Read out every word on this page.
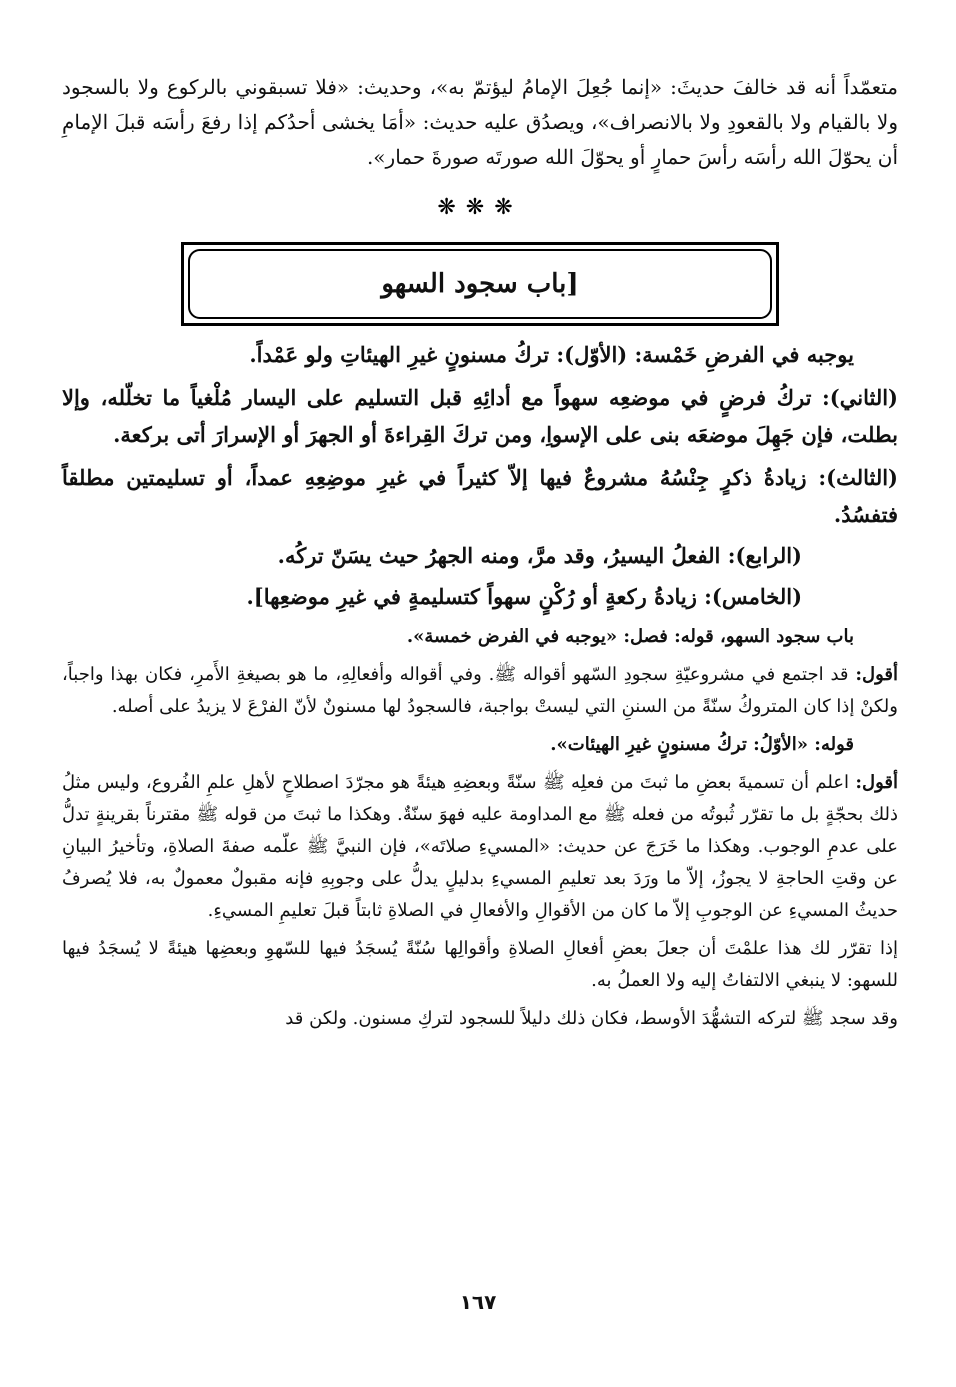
متعمّداً أنه قد خالفَ حديثَ: «إنما جُعِلَ الإمامُ ليؤتمّ به»، وحديث: «فلا تسبقوني بالركوع ولا بالسجود ولا بالقيام ولا بالقعودِ ولا بالانصراف»، ويصدُق عليه حديث: «أمَا يخشى أحدُكم إذا رفعَ رأسَه قبلَ الإمامِ أن يحوّلَ الله رأسَه رأسَ حمارٍ أو يحوّلَ الله صورتَه صورةَ حمار».

❋❋❋
[باب سجود السهو

يوجبه في الفرضِ خَمْسة: (الأوّل): تركُ مسنونٍ غيرِ الهيئاتِ ولو عَمْداً.

(الثاني): تركُ فرضٍ في موضعِه سهواً مع أدائِهِ قبل التسليم على اليسار مُلْغياً ما تخلّله، وإلا بطلت، فإن جَهِلَ موضعَه بنى على الإسواِ، ومن تركَ القِراءةَ أو الجهرَ أو الإسرارَ أتى بركعة.

(الثالث): زيادةُ ذكرٍ جِنْسُهُ مشروعٌ فيها إلاّ كثيراً في غيرِ موضِعِهِ عمداً، أو تسليمتين مطلقاً فتفسُدُ.

(الرابع): الفعلُ اليسيرُ، وقد مرَّ، ومنه الجهرُ حيث يسَنّ تركُه.

(الخامس): زيادةُ ركعةٍ أو رُكْنٍ سهواً كتسليمةٍ في غيرِ موضعِها].

باب سجود السهو، قوله: فصل: «يوجبه في الفرض خمسة».

أقول: قد اجتمع في مشروعيّةِ سجودِ السّهو أقواله ﷺ. وفي أقواله وأفعالِهِ، ما هو بصيغةِ الأَمرِ، فكان بهذا واجباً، ولكنْ إذا كان المتروكُ سنّةً من السننِ التي ليستْ بواجبة، فالسجودُ لها مسنونٌ لأنّ الفرْعَ لا يزيدُ على أصله.

قوله: «الأوّلُ: تركُ مسنونٍ غيرِ الهيئات».

أقول: اعلم أن تسميةَ بعضِ ما ثبتَ من فعلِه ﷺ سنّةً وبعضِهِ هيئةً هو مجرّدَ اصطلاحٍ لأهلِ علمِ الفُروع، وليس مثلُ ذلك بحجّةٍ بل ما تقرّر ثُبوتُه من فعله ﷺ مع المداومة عليه فهوَ سنّةٌ. وهكذا ما ثبتَ من قوله ﷺ مقترناً بقرينةٍ تدلُّ على عدمِ الوجوب. وهكذا ما خَرَجَ عن حديث: «المسيءِ صلاتَه»، فإن النبيَّ ﷺ علّمه صفةَ الصلاةِ، وتأخيرُ البيانِ عن وقتِ الحاجةِ لا يجوزُ، إلاّ ما ورَدَ بعد تعليمِ المسيءِ بدليلٍ يدلُّ على وجوبِهِ فإنه مقبولٌ معمولٌ به، فلا يُصرفُ حديثُ المسيءِ عن الوجوبِ إلاّ ما كان من الأقوالِ والأفعالِ في الصلاةِ ثابتاً قبلَ تعليمِ المسيءِ.

إذا تقرّر لك هذا علمْتَ أن جعلَ بعضِ أفعالِ الصلاةِ وأقوالِها سُنّةً يُسجَدُ فيها للسّهوِ وبعضِها هيئةً لا يُسجَدُ فيها للسهو: لا ينبغي الالتفاتُ إليه ولا العملُ به.

وقد سجد ﷺ لتركه التشهُّدَ الأوسط، فكان ذلك دليلاً للسجود لتركِ مسنون. ولكن قد

١٦٧
